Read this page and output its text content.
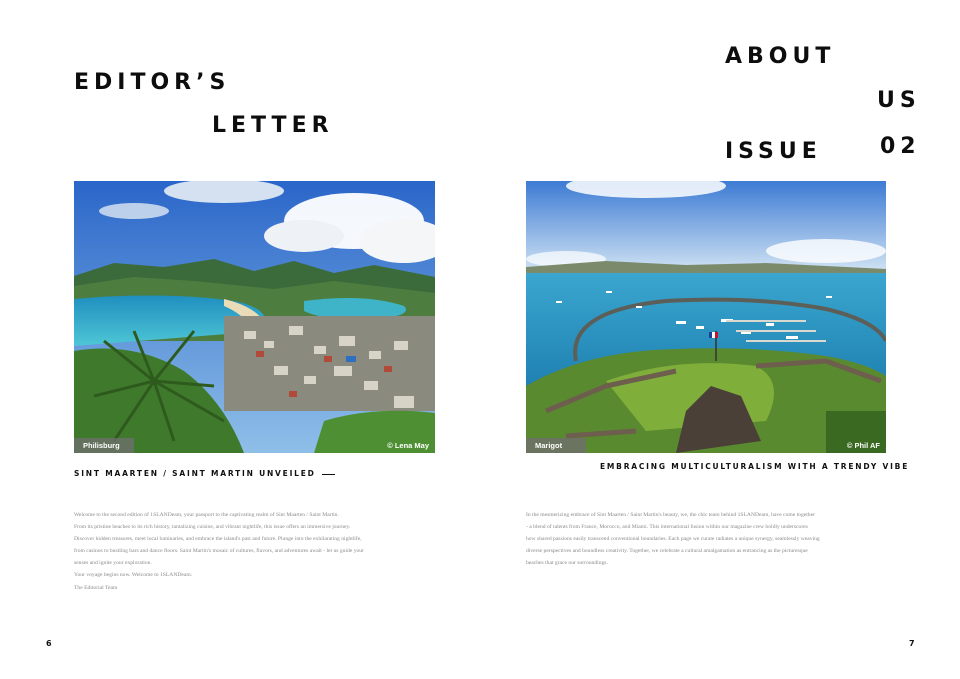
EDITOR’S
LETTER
Philisburg	© Lena May
SINT MAARTEN / SAINT MARTIN UNVEILED

Welcome to the second edition of 1SLANDeam, your passport to the captivating realm of Sint Maarten / Saint Martin.

From its pristine beaches to its rich history, tantalizing cuisine, and vibrant nightlife, this issue offers an immersive journey.

Discover hidden treasures, meet local luminaries, and embrace the island's past and future. Plunge into the exhilarating nightlife,

from casinos to bustling bars and dance floors. Saint Martin's mosaic of cultures, flavors, and adventures await - let us guide your

senses and ignite your exploration.

Your voyage begins now. Welcome to 1SLANDeam.

The Editorial Team

6
ABOUT
US
ISSUE	02
Marigot	© Phil AF
EMBRACING MULTICULTURALISM WITH A TRENDY VIBE

In the mesmerizing embrace of Sint Maarten / Saint Martin's beauty, we, the chic team behind 1SLANDeam, have come together

- a blend of talents from France, Morocco, and Miami. This international fusion within our magazine crew boldly underscores

how shared passions easily transcend conventional boundaries. Each page we curate radiates a unique synergy, seamlessly weaving

diverse perspectives and boundless creativity. Together, we celebrate a cultural amalgamation as entrancing as the picturesque

beaches that grace our surroundings.

7
